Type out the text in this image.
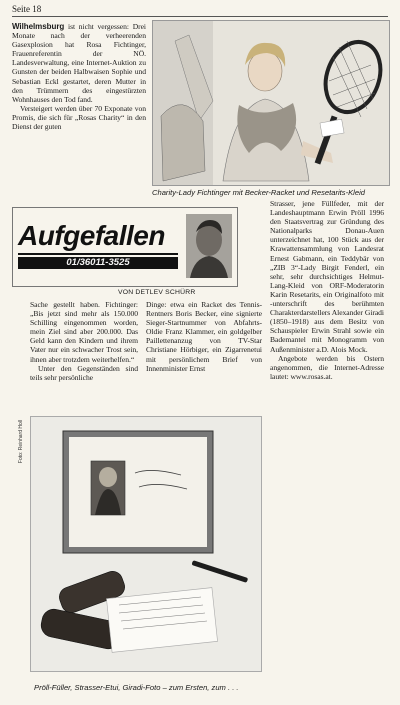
Seite 18

Wilhelmsburg ist nicht vergessen: Drei Monate nach der verheerenden Gasexplosion hat Rosa Fichtinger, Frauenreferentin der NÖ. Landesverwaltung, eine Internet-Auktion zu Gunsten der beiden Halbwaisen Sophie und Sebastian Eckl gestartet, deren Mutter in den Trümmern des eingestürzten Wohnhauses den Tod fand.

Versteigert werden über 70 Exponate von Promis, die sich für „Rosas Charity“ in den Dienst der guten

Charity-Lady Fichtinger mit Becker-Racket und Resetarits-Kleid
Aufgefallen
01/36011-3525
VON DETLEV SCHÜRR

Sache gestellt haben. Fichtinger: „Bis jetzt sind mehr als 150.000 Schilling eingenommen worden, mein Ziel sind aber 200.000. Das Geld kann den Kindern und ihrem Vater nur ein schwacher Trost sein, ihnen aber trotzdem weiterhelfen.“

Unter den Gegenständen sind teils sehr persönliche

Dinge: etwa ein Racket des Tennis-Rentners Boris Becker, eine signierte Sieger-Startnummer von Abfahrts-Oldie Franz Klammer, ein goldgelber Paillettenanzug von TV-Star Christiane Hörbiger, ein Zigarrenetui mit persönlichem Brief von Innenminister Ernst

Strasser, jene Füllfeder, mit der Landeshauptmann Erwin Pröll 1996 den Staatsvertrag zur Gründung des Nationalparks Donau-Auen unterzeichnet hat, 100 Stück aus der Krawattensammlung von Landesrat Ernest Gabmann, ein Teddybär von „ZIB 3“-Lady Birgit Fenderl, ein sehr, sehr durchsichtiges Helmut-Lang-Kleid von ORF-Moderatorin Karin Resetarits, ein Originalfoto mit -unterschrift des berühmten Charakterdarstellers Alexander Giradi (1850–1918) aus dem Besitz von Schauspieler Erwin Strahl sowie ein Bademantel mit Monogramm von Außenminister a.D. Alois Mock.

Angebote werden bis Ostern angenommen, die Internet-Adresse lautet: www.rosas.at.

Foto: Reinhard Holl
Pröll-Füller, Strasser-Etui, Giradi-Foto – zum Ersten, zum . . .
